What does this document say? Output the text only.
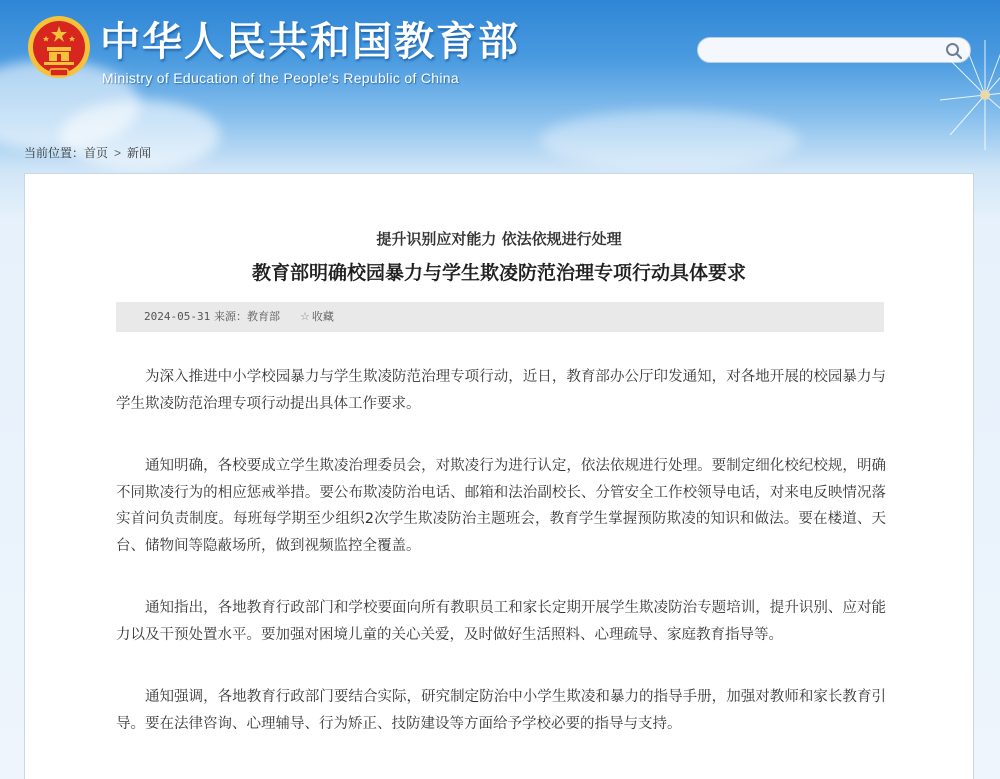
中华人民共和国教育部
Ministry of Education of the People's Republic of China
当前位置：首页 > 新闻
提升识别应对能力 依法依规进行处理
教育部明确校园暴力与学生欺凌防范治理专项行动具体要求
2024-05-31 来源：教育部 ☆ 收藏

为深入推进中小学校园暴力与学生欺凌防范治理专项行动，近日，教育部办公厅印发通知，对各地开展的校园暴力与学生欺凌防范治理专项行动提出具体工作要求。

通知明确，各校要成立学生欺凌治理委员会，对欺凌行为进行认定，依法依规进行处理。要制定细化校纪校规，明确不同欺凌行为的相应惩戒举措。要公布欺凌防治电话、邮箱和法治副校长、分管安全工作校领导电话，对来电反映情况落实首问负责制度。每班每学期至少组织2次学生欺凌防治主题班会，教育学生掌握预防欺凌的知识和做法。要在楼道、天台、储物间等隐蔽场所，做到视频监控全覆盖。

通知指出，各地教育行政部门和学校要面向所有教职员工和家长定期开展学生欺凌防治专题培训，提升识别、应对能力以及干预处置水平。要加强对困境儿童的关心关爱，及时做好生活照料、心理疏导、家庭教育指导等。

通知强调，各地教育行政部门要结合实际，研究制定防治中小学生欺凌和暴力的指导手册，加强对教师和家长教育引导。要在法律咨询、心理辅导、行为矫正、技防建设等方面给予学校必要的指导与支持。
